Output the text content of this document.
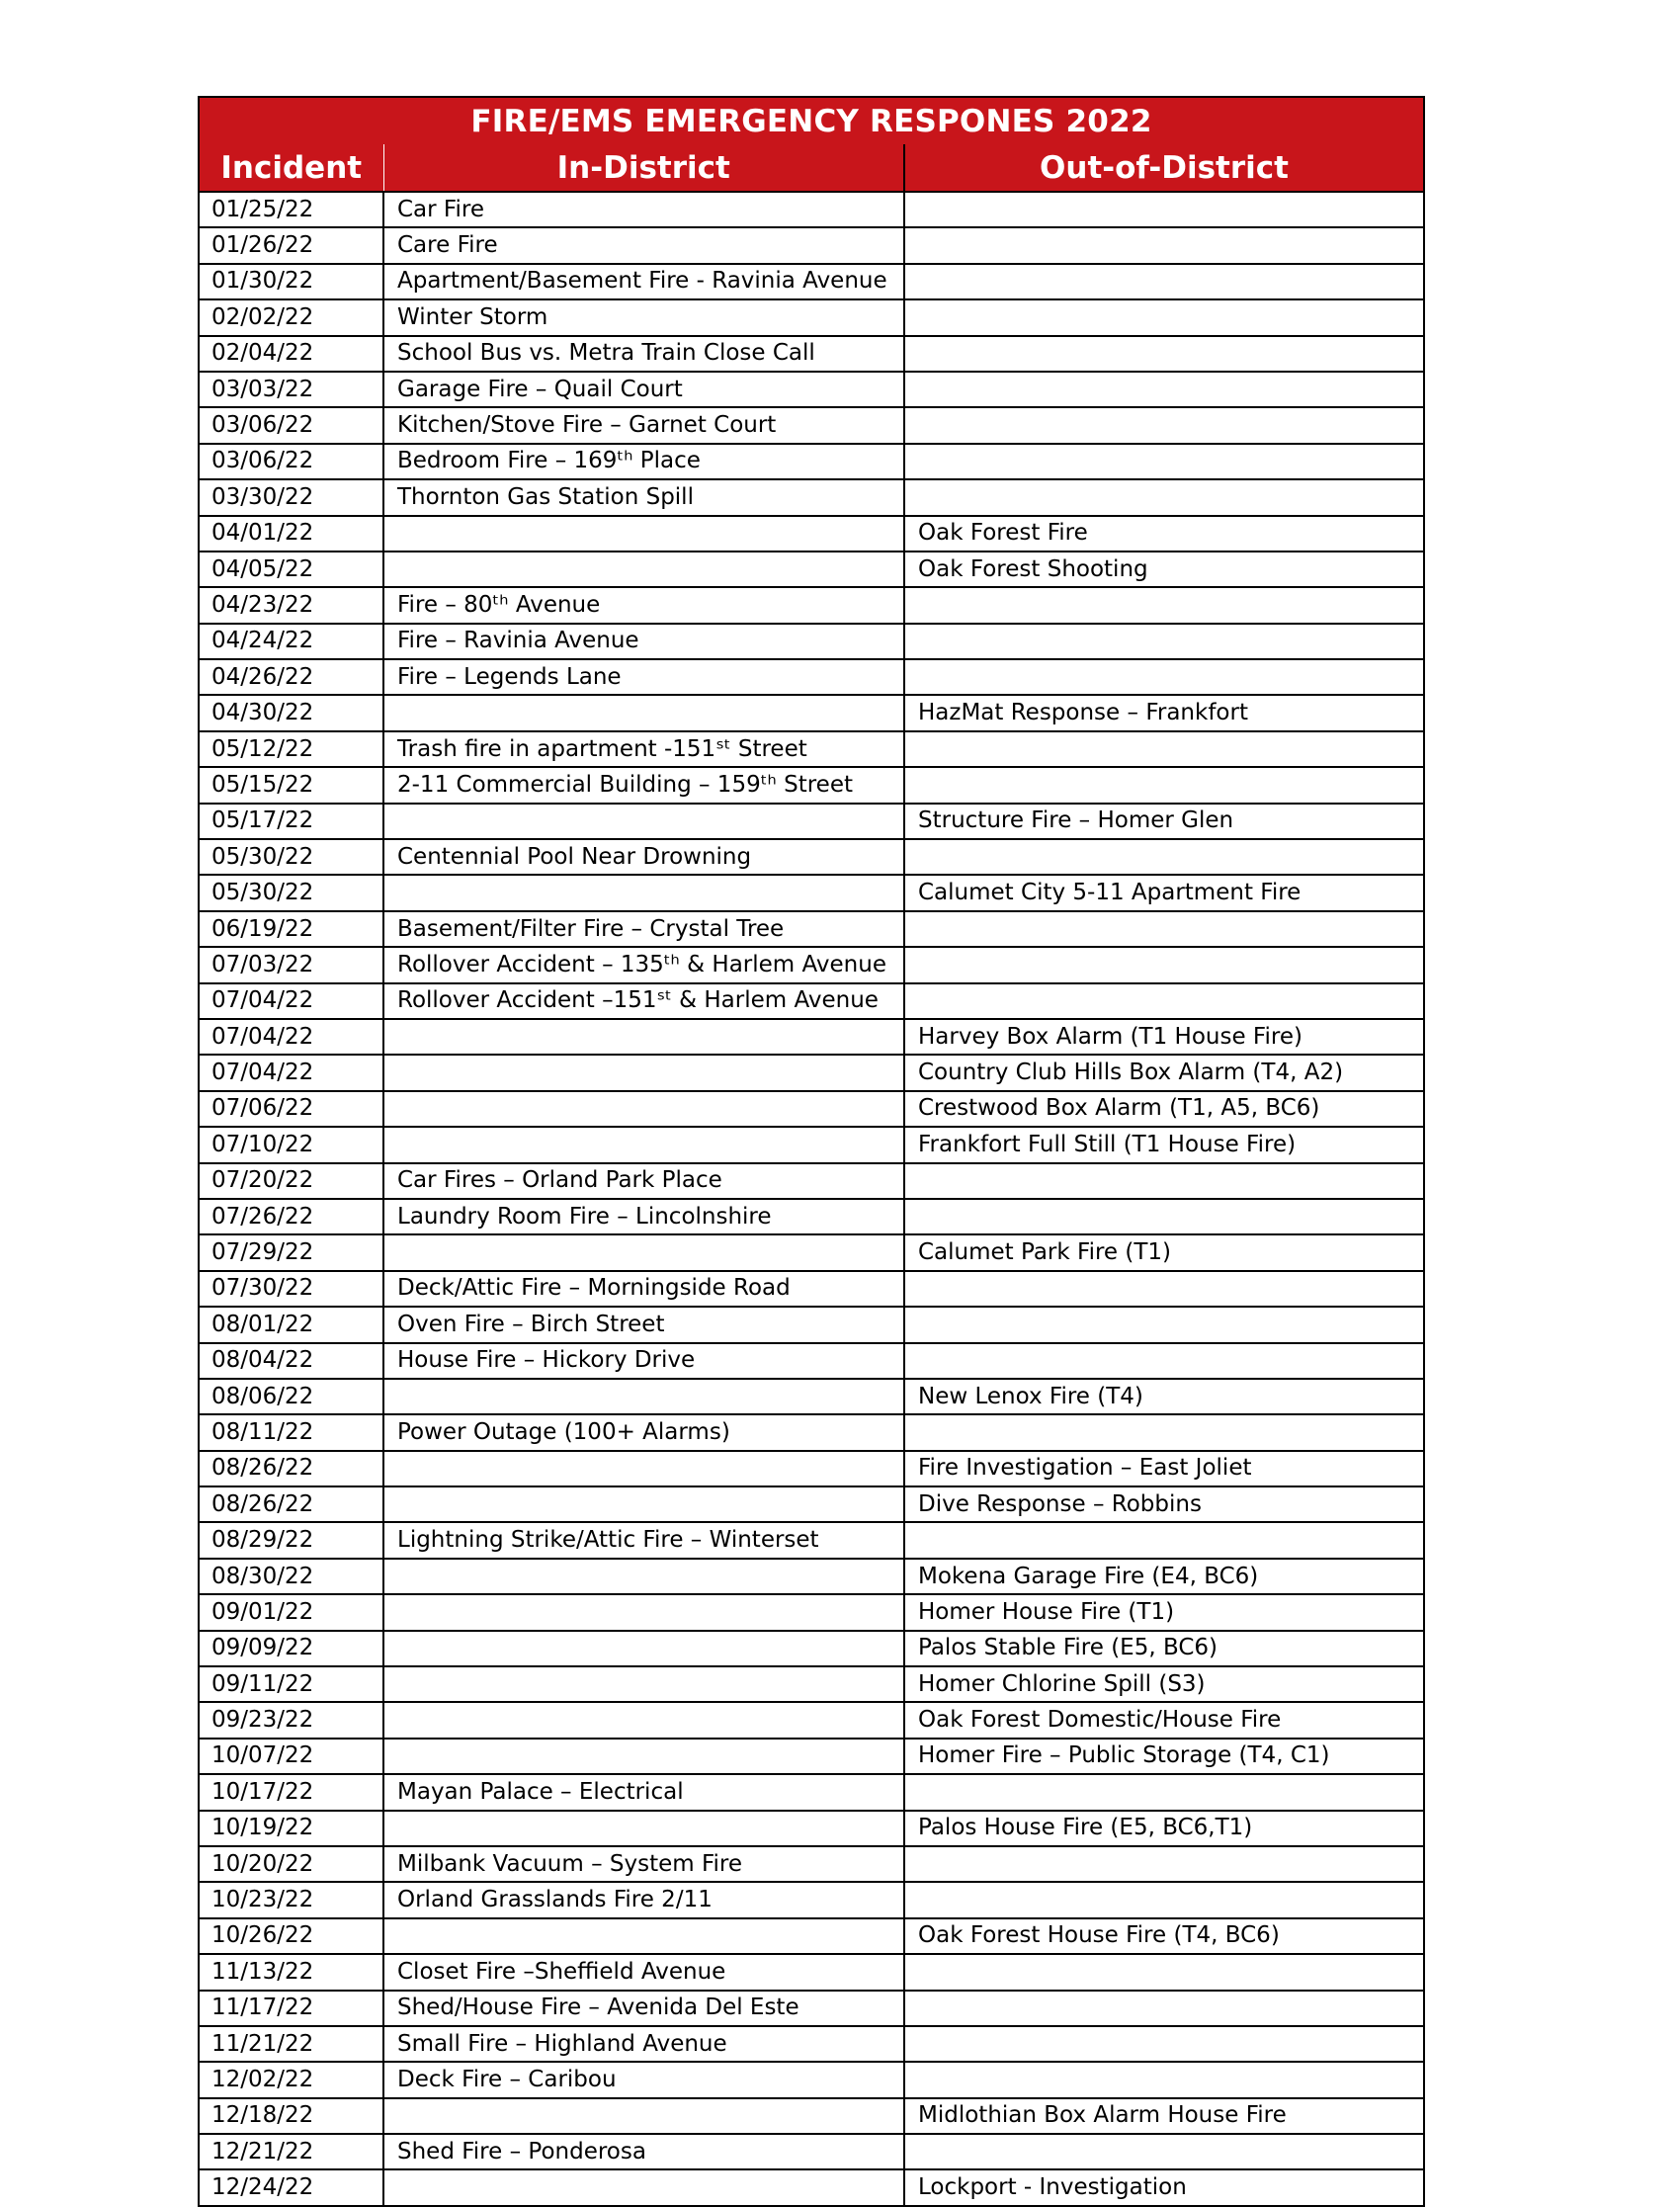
FIRE/EMS EMERGENCY RESPONES 2022		
Incident	In-District	Out-of-District
01/25/22	Car Fire	
01/26/22	Care Fire	
01/30/22	Apartment/Basement Fire - Ravinia Avenue	
02/02/22	Winter Storm	
02/04/22	School Bus vs. Metra Train Close Call	
03/03/22	Garage Fire – Quail Court	
03/06/22	Kitchen/Stove Fire – Garnet Court	
03/06/22	Bedroom Fire – 169ᵗʰ Place	
03/30/22	Thornton Gas Station Spill	
04/01/22		Oak Forest Fire
04/05/22		Oak Forest Shooting
04/23/22	Fire – 80ᵗʰ Avenue	
04/24/22	Fire – Ravinia Avenue	
04/26/22	Fire – Legends Lane	
04/30/22		HazMat Response – Frankfort
05/12/22	Trash fire in apartment -151ˢᵗ Street	
05/15/22	2-11 Commercial Building – 159ᵗʰ Street	
05/17/22		Structure Fire – Homer Glen
05/30/22	Centennial Pool Near Drowning	
05/30/22		Calumet City 5-11 Apartment Fire
06/19/22	Basement/Filter Fire – Crystal Tree	
07/03/22	Rollover Accident – 135ᵗʰ & Harlem Avenue	
07/04/22	Rollover Accident –151ˢᵗ & Harlem Avenue	
07/04/22		Harvey Box Alarm (T1 House Fire)
07/04/22		Country Club Hills Box Alarm (T4, A2)
07/06/22		Crestwood Box Alarm (T1, A5, BC6)
07/10/22		Frankfort Full Still (T1 House Fire)
07/20/22	Car Fires – Orland Park Place	
07/26/22	Laundry Room Fire – Lincolnshire	
07/29/22		Calumet Park Fire (T1)
07/30/22	Deck/Attic Fire – Morningside Road	
08/01/22	Oven Fire – Birch Street	
08/04/22	House Fire – Hickory Drive	
08/06/22		New Lenox Fire (T4)
08/11/22	Power Outage (100+ Alarms)	
08/26/22		Fire Investigation – East Joliet
08/26/22		Dive Response – Robbins
08/29/22	Lightning Strike/Attic Fire – Winterset	
08/30/22		Mokena Garage Fire (E4, BC6)
09/01/22		Homer House Fire (T1)
09/09/22		Palos Stable Fire (E5, BC6)
09/11/22		Homer Chlorine Spill (S3)
09/23/22		Oak Forest Domestic/House Fire
10/07/22		Homer Fire – Public Storage (T4, C1)
10/17/22	Mayan Palace – Electrical	
10/19/22		Palos House Fire (E5, BC6,T1)
10/20/22	Milbank Vacuum – System Fire	
10/23/22	Orland Grasslands Fire 2/11	
10/26/22		Oak Forest House Fire (T4, BC6)
11/13/22	Closet Fire –Sheffield Avenue	
11/17/22	Shed/House Fire – Avenida Del Este	
11/21/22	Small Fire – Highland Avenue	
12/02/22	Deck Fire – Caribou	
12/18/22		Midlothian Box Alarm House Fire
12/21/22	Shed Fire – Ponderosa	
12/24/22		Lockport - Investigation
